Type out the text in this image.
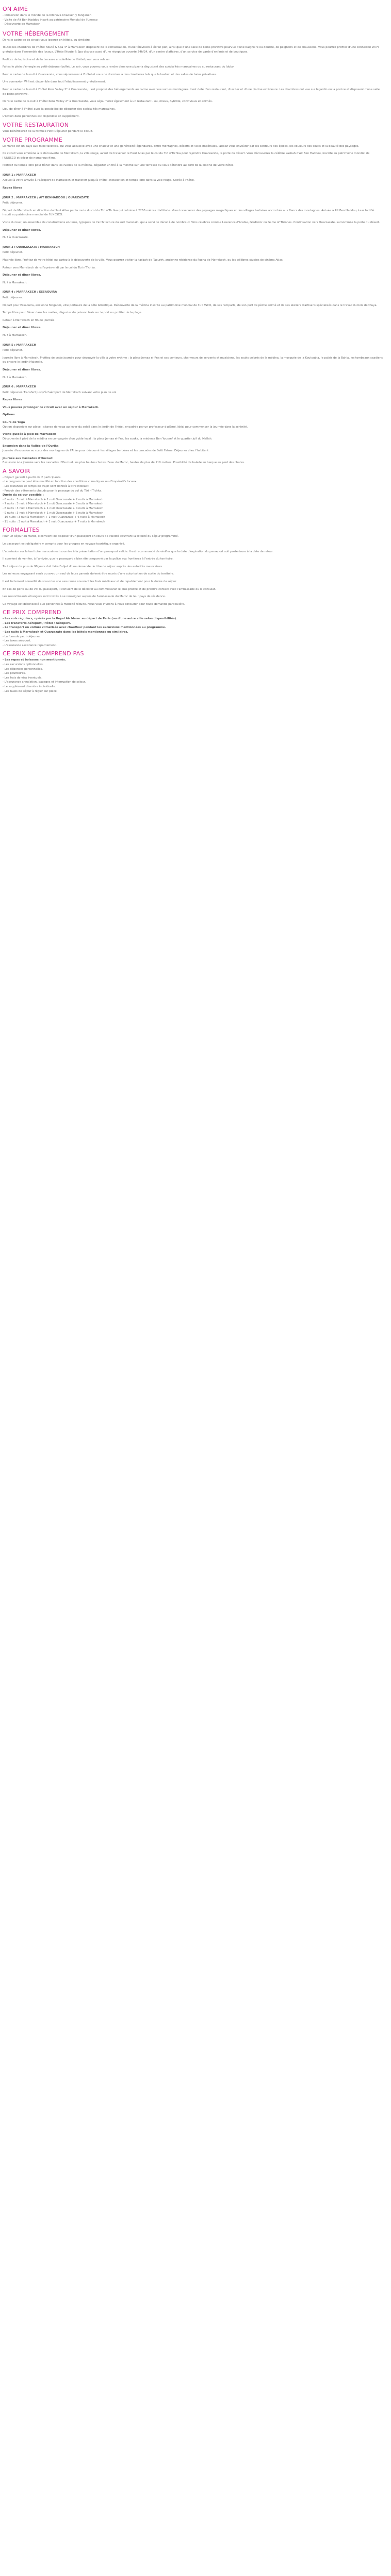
ON AIME
- Immersion dans le monde de la Kitsheva Chaouen y Tanganen
- Visite de Ait Ben Haddou inscrit au patrimoine Mondial de l'Unesco
- Découverte de Marrakech
VOTRE HÉBERGEMENT

Dans le cadre de ce circuit vous logerez en hôtels, ou similaire.

Toutes les chambres de l'hôtel Nouté & Spa 4* à Marrakech disposent de la climatisation, d'une télévision à écran plat, ainsi que d'une salle de bains privative pourvue d'une baignoire ou douche, de peignoirs et de chaussons. Vous pourrez profiter d'une connexion Wi-Fi gratuite dans l'ensemble des locaux. L'Hôtel Nouté & Spa dispose aussi d'une réception ouverte 24h/24, d'un centre d'affaires, d'un service de garde d'enfants et de boutiques.

Profitez de la piscine et de la terrasse ensoleillée de l'hôtel pour vous relaxer.

Faites le plein d'énergie au petit-déjeuner buffet. Le soir, vous pourrez vous rendre dans une pizzeria dégustant des spécialités marocaines ou au restaurant du lobby.

Pour le cadre de la nuit à Ouarzazate, vous séjournerez à l'hôtel et vous ne dormirez à des cimetières tels que la kasbah et des salles de bains privatives.

Une connexion Wifi est disponible dans tout l'établissement gratuitement.

Pour le cadre de la nuit à l'hôtel Kenz Valley 2* à Ouarzazate, il est proposé des hébergements au calme avec vue sur les montagnes. Il est doté d'un restaurant, d'un bar et d'une piscine extérieure. Les chambres ont vue sur le jardin ou la piscine et disposent d'une salle de bains privative.

Dans le cadre de la nuit à l'hôtel Kenz Valley 2* à Ouarzazate, vous séjournerez également à un restaurant - ou, mieux, hybride, conviviaux et animés.

Lieu de dîner à l'hôtel avec la possibilité de déguster des spécialités marocaines.

L'option dans personnes est disponible en supplément.

VOTRE RESTAURATION

Vous bénéficierez de la formule Petit Déjeuner pendant le circuit.

VOTRE PROGRAMME

Le Maroc est un pays aux mille facettes, qui vous accueille avec une chaleur et une générosité légendaires. Entre montagnes, déserts et villes impériales, laissez-vous envoûter par les senteurs des épices, les couleurs des souks et la beauté des paysages.

Ce circuit vous emmène à la découverte de Marrakech, la ville rouge, avant de traverser le Haut Atlas par le col du Tizi n'Tichka pour rejoindre Ouarzazate, la porte du désert. Vous découvrirez la célèbre kasbah d'Aït Ben Haddou, inscrite au patrimoine mondial de l'UNESCO et décor de nombreux films.

Profitez du temps libre pour flâner dans les ruelles de la médina, déguster un thé à la menthe sur une terrasse ou vous détendre au bord de la piscine de votre hôtel.

JOUR 1 : MARRAKECH

Accueil à votre arrivée à l'aéroport de Marrakech et transfert jusqu'à l'hôtel, installation et temps libre dans la ville rouge. Soirée à l'hôtel.

Repas libres

JOUR 2 : MARRAKECH / AIT BENHADDOU / OUARZAZATE

Petit déjeuner.

Départ de Marrakech en direction du Haut Atlas par la route du col du Tizi n'Tichka qui culmine à 2260 mètres d'altitude. Vous traverserez des paysages magnifiques et des villages berbères accrochés aux flancs des montagnes. Arrivée à Aït Ben Haddou, ksar fortifié inscrit au patrimoine mondial de l'UNESCO.

Visite du ksar, un ensemble de constructions en terre, typiques de l'architecture du sud marocain, qui a servi de décor à de nombreux films célèbres comme Lawrence d'Arabie, Gladiator ou Game of Thrones. Continuation vers Ouarzazate, surnommée la porte du désert.

Déjeuner et dîner libres.

Nuit à Ouarzazate.

JOUR 3 : OUARZAZATE / MARRAKECH

Petit déjeuner.

Matinée libre. Profitez de votre hôtel ou partez à la découverte de la ville. Vous pourrez visiter la kasbah de Taourirt, ancienne résidence du Pacha de Marrakech, ou les célèbres studios de cinéma Atlas.

Retour vers Marrakech dans l'après-midi par le col du Tizi n'Tichka.

Déjeuner et dîner libres.

Nuit à Marrakech.

JOUR 4 : MARRAKECH / ESSAOUIRA

Petit déjeuner.

Départ pour Essaouira, ancienne Mogador, ville portuaire de la côte Atlantique. Découverte de la médina inscrite au patrimoine mondial de l'UNESCO, de ses remparts, de son port de pêche animé et de ses ateliers d'artisans spécialisés dans le travail du bois de thuya.

Temps libre pour flâner dans les ruelles, déguster du poisson frais sur le port ou profiter de la plage.

Retour à Marrakech en fin de journée.

Déjeuner et dîner libres.

Nuit à Marrakech.

JOUR 5 : MARRAKECH

Petit déjeuner.

Journée libre à Marrakech. Profitez de cette journée pour découvrir la ville à votre rythme : la place Jemaa el-Fna et ses conteurs, charmeurs de serpents et musiciens, les souks colorés de la médina, la mosquée de la Koutoubia, le palais de la Bahia, les tombeaux saadiens ou encore le jardin Majorelle.

Déjeuner et dîner libres.

Nuit à Marrakech.

JOUR 6 : MARRAKECH

Petit déjeuner. Transfert jusqu'à l'aéroport de Marrakech suivant votre plan de vol.

Repas libres

Vous pouvez prolonger ce circuit avec un séjour à Marrakech.

Options
Cours de Yoga

Option disponible sur place : séance de yoga au lever du soleil dans le jardin de l'hôtel, encadrée par un professeur diplômé. Idéal pour commencer la journée dans la sérénité.

Visite guidée à pied de Marrakech

Découverte à pied de la médina en compagnie d'un guide local : la place Jemaa el-Fna, les souks, la médersa Ben Youssef et le quartier juif du Mellah.

Excursion dans la Vallée de l'Ourika

Journée d'excursion au cœur des montagnes de l'Atlas pour découvrir les villages berbères et les cascades de Setti Fatma. Déjeuner chez l'habitant.

Journée aux Cascades d'Ouzoud

Excursion à la journée vers les cascades d'Ouzoud, les plus hautes chutes d'eau du Maroc, hautes de plus de 110 mètres. Possibilité de balade en barque au pied des chutes.

A SAVOIR
- Départ garanti à partir de 2 participants.
- Le programme peut être modifié en fonction des conditions climatiques ou d'impératifs locaux.
- Les distances et temps de trajet sont donnés à titre indicatif.
- Prévoir des vêtements chauds pour le passage du col du Tizi n'Tichka.
Durée du séjour possible :
- 6 nuits : 3 nuit à Marrakech + 1 nuit Ouarzazate + 2 nuits à Marrakech
- 7 nuits : 3 nuit à Marrakech + 1 nuit Ouarzazate + 3 nuits à Marrakech
- 8 nuits : 3 nuit à Marrakech + 1 nuit Ouarzazate + 4 nuits à Marrakech
- 9 nuits : 3 nuit à Marrakech + 1 nuit Ouarzazate + 5 nuits à Marrakech
- 10 nuits : 3 nuit à Marrakech + 1 nuit Ouarzazate + 6 nuits à Marrakech
- 11 nuits : 3 nuit à Marrakech + 1 nuit Ouarzazate + 7 nuits à Marrakech
FORMALITES

Pour un séjour au Maroc, il convient de disposer d'un passeport en cours de validité couvrant la totalité du séjour programmé.

Le passeport est obligatoire y compris pour les groupes en voyage touristique organisé.

L'admission sur le territoire marocain est soumise à la présentation d'un passeport valide. Il est recommandé de vérifier que la date d'expiration du passeport soit postérieure à la date de retour.

Il convient de vérifier, à l'arrivée, que le passeport a bien été tamponné par la police aux frontières à l'entrée du territoire.

Tout séjour de plus de 90 jours doit faire l'objet d'une demande de titre de séjour auprès des autorités marocaines.

Les mineurs voyageant seuls ou avec un seul de leurs parents doivent être munis d'une autorisation de sortie du territoire.

Il est fortement conseillé de souscrire une assurance couvrant les frais médicaux et de rapatriement pour la durée du séjour.

En cas de perte ou de vol du passeport, il convient de le déclarer au commissariat le plus proche et de prendre contact avec l'ambassade ou le consulat.

Les ressortissants étrangers sont invités à se renseigner auprès de l'ambassade du Maroc de leur pays de résidence.

Ce voyage est déconseillé aux personnes à mobilité réduite. Nous vous invitons à nous consulter pour toute demande particulière.

CE PRIX COMPREND
- Les vols réguliers, opérés par la Royal Air Maroc au départ de Paris (ou d'une autre ville selon disponibilités).
- Les transferts Aéroport / Hôtel / Aéroport.
- Le transport en voiture climatisée avec chauffeur pendant les excursions mentionnées au programme.
- Les nuits à Marrakech et Ouarzazate dans les hôtels mentionnés ou similaires.
- La formule petit-déjeuner.
- Les taxes aéroport.
- L'assurance assistance rapatriement.
CE PRIX NE COMPREND PAS
- Les repas et boissons non mentionnés.
- Les excursions optionnelles.
- Les dépenses personnelles.
- Les pourboires.
- Les frais de visa éventuels.
- L'assurance annulation, bagages et interruption de séjour.
- Le supplément chambre individuelle.
- Les taxes de séjour à régler sur place.
